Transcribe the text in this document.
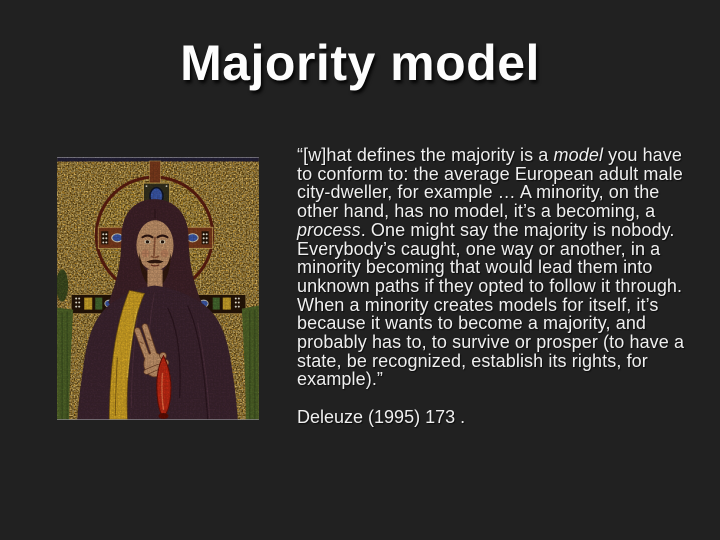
Majority model

“[w]hat defines the majority is a model you have to conform to: the average European adult male city-dweller, for example … A minority, on the other hand, has no model, it’s a becoming, a process. One might say the majority is nobody. Everybody’s caught, one way or another, in a minority becoming that would lead them into unknown paths if they opted to follow it through. When a minority creates models for itself, it’s because it wants to become a majority, and probably has to, to survive or prosper (to have a state, be recognized, establish its rights, for example).”

Deleuze (1995) 173 .
